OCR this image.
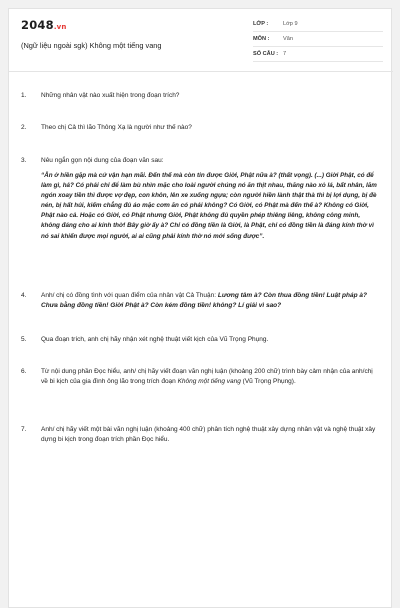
2048.vn
(Ngữ liệu ngoài sgk) Không một tiếng vang
LỚP :	Lớp 9
MÔN :	Văn
SỐ CÂU : 7
1.	Những nhân vật nào xuất hiện trong đoạn trích?
2.	Theo chị Cả thì lão Thông Xạ là người như thế nào?
3.	Nêu ngắn gọn nội dung của đoạn văn sau:
“Ẫn ở hiền gặp mà cứ vận hạn mãi. Đến thế mà còn tin được Giời, Phật nữa à? (thất vọng). (...) Giời Phật, có để làm gì, hả? Có phải chỉ để làm bù nhìn mặc cho loài người chúng nó ăn thịt nhau, thăng nào xỏ lá, bất nhân, lăm ngón xoay tiền thì được vợ đẹp, con khôn, lên xe xuống ngựa; còn người hiền lành thật thà thì bị lợi dụng, bị đè nén, bị hất hủi, kiếm chẳng đủ áo mặc cơm ăn có phải không? Có Giời, có Phật mà đến thế à? Không có Giời, Phật nào cả. Hoặc có Giời, có Phật nhưng Giời, Phật không đủ quyền phép thiêng liêng, không công minh, không đáng cho ai kính thờ! Bây giờ ấy à? Chỉ có đồng tiền là Giời, là Phật, chỉ có đồng tiền là đáng kính thờ vì nó sai khiến được mọi người, ai ai cũng phải kính thờ nó mới sống được”.
4.	Anh/ chị có đồng tình với quan điểm của nhân vật Cả Thuận: Lương tâm à? Còn thua đồng tiền! Luật pháp à? Chưa bằng đồng tiền! Giời Phật à? Còn kém đồng tiền! không? Lí giải vì sao?
5.	Qua đoạn trích, anh chị hãy nhận xét nghệ thuật viết kịch của Vũ Trọng Phụng.
6.	Từ nội dung phần Đọc hiểu, anh/ chị hãy viết đoạn văn nghị luận (khoảng 200 chữ) trình bày cảm nhận của anh/chị về bi kịch của gia đình ông lão trong trích đoạn Không một tiếng vang (Vũ Trọng Phụng).
7.	Anh/ chị hãy viết một bài văn nghị luận (khoảng 400 chữ) phân tích nghệ thuật xây dựng nhân vật và nghệ thuật xây dựng bi kịch trong đoạn trích phần Đọc hiểu.
